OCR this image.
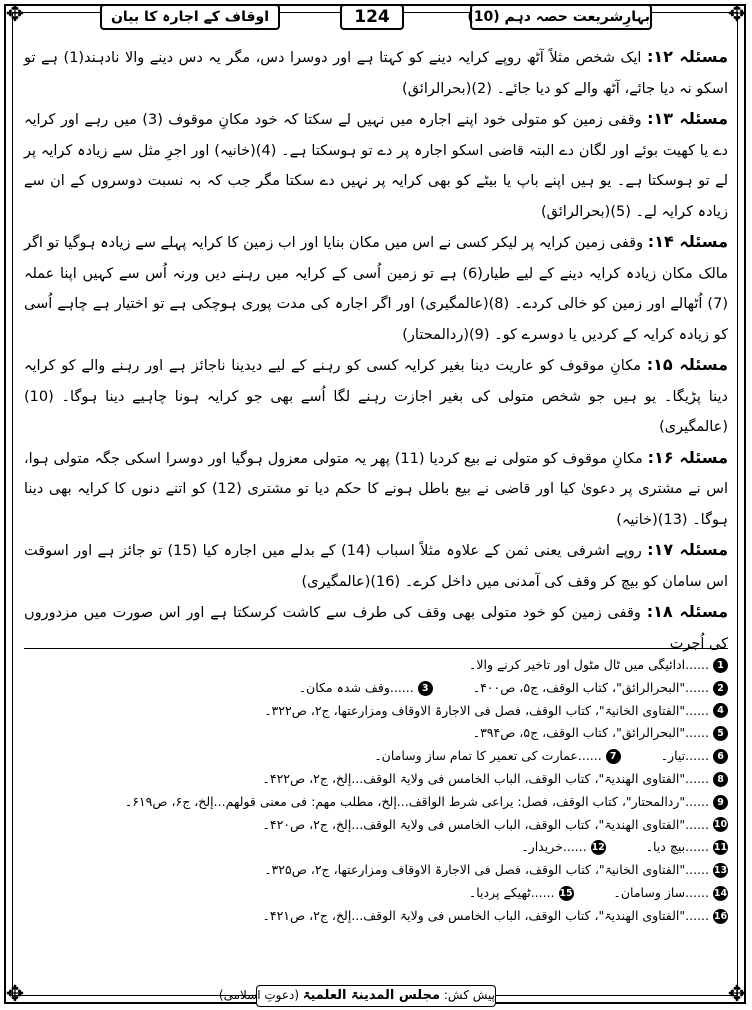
✥	✥
✥	✥
اوقاف کے اجارہ کا بیان	124	بہارِشریعت حصہ دہم (10)

مسئلہ ۱۲: ایک شخص مثلاً آٹھ روپے کرایہ دینے کو کہتا ہے اور دوسرا دس، مگر یہ دس دینے والا نادہند(1) ہے تو اسکو نہ دیا جائے، آٹھ والے کو دیا جائے۔ (2)(بحرالرائق)

مسئلہ ۱۳: وقفی زمین کو متولی خود اپنے اجارہ میں نہیں لے سکتا کہ خود مکانِ موقوف (3) میں رہے اور کرایہ دے یا کھیت بوئے اور لگان دے البتہ قاضی اسکو اجارہ پر دے تو ہوسکتا ہے۔ (4)(خانیہ) اور اجرِ مثل سے زیادہ کرایہ پر لے تو ہوسکتا ہے۔ یو ہیں اپنے باپ یا بیٹے کو بھی کرایہ پر نہیں دے سکتا مگر جب کہ بہ نسبت دوسروں کے ان سے زیادہ کرایہ لے۔ (5)(بحرالرائق)

مسئلہ ۱۴: وقفی زمین کرایہ پر لیکر کسی نے اس میں مکان بنایا اور اب زمین کا کرایہ پہلے سے زیادہ ہوگیا تو اگر مالک مکان زیادہ کرایہ دینے کے لیے طیار(6) ہے تو زمین اُسی کے کرایہ میں رہنے دیں ورنہ اُس سے کہیں اپنا عملہ (7) اُٹھالے اور زمین کو خالی کردے۔ (8)(عالمگیری) اور اگر اجارہ کی مدت پوری ہوچکی ہے تو اختیار ہے چاہے اُسی کو زیادہ کرایہ کے کردیں یا دوسرے کو۔ (9)(ردالمحتار)

مسئلہ ۱۵: مکانِ موقوف کو عاریت دینا بغیر کرایہ کسی کو رہنے کے لیے دیدینا ناجائز ہے اور رہنے والے کو کرایہ دینا پڑیگا۔ یو ہیں جو شخص متولی کی بغیر اجازت رہنے لگا اُسے بھی جو کرایہ ہونا چاہیے دینا ہوگا۔ (10)(عالمگیری)

مسئلہ ۱۶: مکانِ موقوف کو متولی نے بیع کردیا (11) پھر یہ متولی معزول ہوگیا اور دوسرا اسکی جگہ متولی ہوا، اس نے مشتری پر دعویٰ کیا اور قاضی نے بیع باطل ہونے کا حکم دیا تو مشتری (12) کو اتنے دنوں کا کرایہ بھی دینا ہوگا۔ (13)(خانیہ)

مسئلہ ۱۷: روپے اشرفی یعنی ثمن کے علاوہ مثلاً اسباب (14) کے بدلے میں اجارہ کیا (15) تو جائز ہے اور اسوقت اس سامان کو بیچ کر وقف کی آمدنی میں داخل کرے۔ (16)(عالمگیری)

مسئلہ ۱۸: وقفی زمین کو خود متولی بھی وقف کی طرف سے کاشت کرسکتا ہے اور اس صورت میں مزدوروں کی اُجرت

1
......ادائیگی میں ٹال مٹول اور تاخیر کرنے والا۔
2
......"البحرالرائق"، کتاب الوقف، ج۵، ص۴۰۰۔
3
......وقف شدہ مکان۔
4
......"الفتاوی الخانیۃ"، کتاب الوقف، فصل فی الاجارۃ الاوقاف ومزارعتھا، ج۲، ص۳۲۲۔
5
......"البحرالرائق"، کتاب الوقف، ج۵، ص۳۹۴۔
6
......تیار۔
7
......عمارت کی تعمیر کا تمام ساز وسامان۔
8
......"الفتاوی الھندیۃ"، کتاب الوقف، الباب الخامس فی ولایۃ الوقف...إلخ، ج۲، ص۴۲۲۔
9
......"ردالمحتار"، کتاب الوقف، فصل: یراعی شرط الواقف...إلخ، مطلب مھم: فی معنی قولھم...إلخ، ج۶، ص۶۱۹۔
10
......"الفتاوی الھندیۃ"، کتاب الوقف، الباب الخامس فی ولایۃ الوقف...إلخ، ج۲، ص۴۲۰۔
11
......بیچ دیا۔
12
......خریدار۔
13
......"الفتاوی الخانیۃ"، کتاب الوقف، فصل فی الاجارۃ الاوقاف ومزارعتھا، ج۲، ص۳۲۵۔
14
......ساز وسامان۔
15
......ٹھیکے پردیا۔
16
......"الفتاوی الھندیۃ"، کتاب الوقف، الباب الخامس فی ولایۃ الوقف...إلخ، ج۲، ص۴۲۱۔
پیش کش: مجلس المدینۃ العلمیۃ (دعوتِ اسلامی)
